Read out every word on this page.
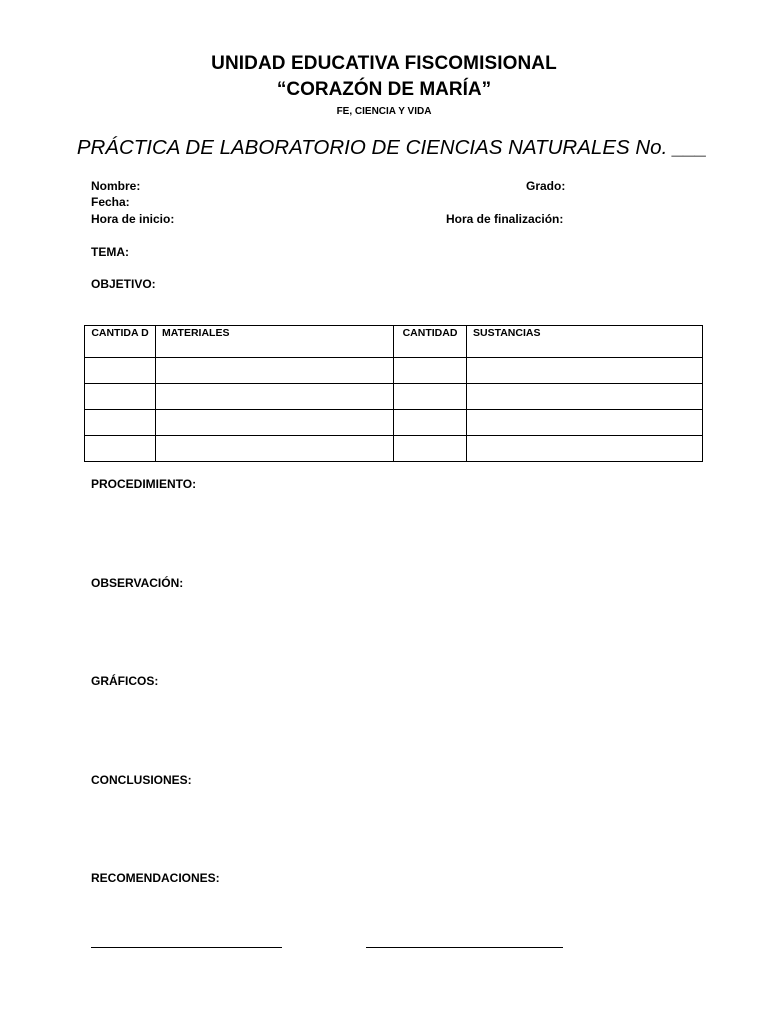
UNIDAD EDUCATIVA FISCOMISIONAL
“CORAZÓN DE MARÍA”
FE, CIENCIA Y VIDA
PRÁCTICA DE LABORATORIO DE CIENCIAS NATURALES No. ___
Nombre:	Grado:
Fecha:
Hora de inicio:	Hora de finalización:
TEMA:
OBJETIVO:
CANTIDA D	MATERIALES	CANTIDAD	SUSTANCIAS

PROCEDIMIENTO:
OBSERVACIÓN:
GRÁFICOS:
CONCLUSIONES:
RECOMENDACIONES:
